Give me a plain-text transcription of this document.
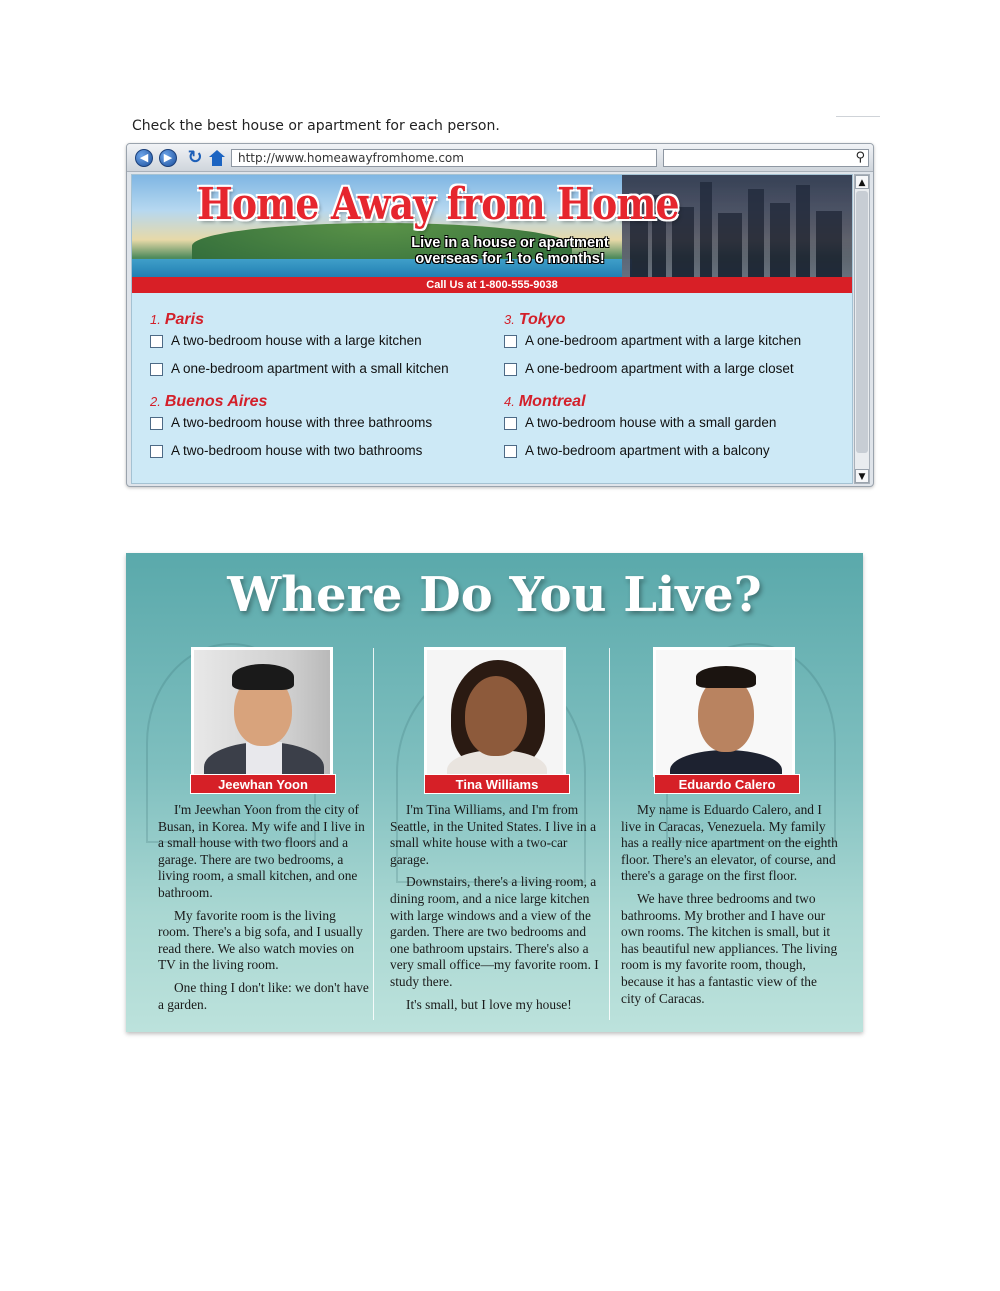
Check the best house or apartment for each person.
◀	▶ ↻	http://www.homeawayfromhome.com	⚲
Home Away from Home
Live in a house or apartment
overseas for 1 to 6 months!
Call Us at 1-800-555-9038
1. Paris
A two-bedroom house with a large kitchen
A one-bedroom apartment with a small kitchen
2. Buenos Aires
A two-bedroom house with three bathrooms
A two-bedroom house with two bathrooms
3. Tokyo
A one-bedroom apartment with a large kitchen
A one-bedroom apartment with a large closet
4. Montreal
A two-bedroom house with a small garden
A two-bedroom apartment with a balcony
▲
▼
Where Do You Live?
Jeewhan Yoon

I'm Jeewhan Yoon from the city of Busan, in Korea. My wife and I live in a small house with two floors and a garage. There are two bedrooms, a living room, a small kitchen, and one bathroom.

My favorite room is the living room. There's a big sofa, and I usually read there. We also watch movies on TV in the living room.

One thing I don't like: we don't have a garden.

Tina Williams

I'm Tina Williams, and I'm from Seattle, in the United States. I live in a small white house with a two-car garage.

Downstairs, there's a living room, a dining room, and a nice large kitchen with large windows and a view of the garden. There are two bedrooms and one bathroom upstairs. There's also a very small office—my favorite room. I study there.

It's small, but I love my house!

Eduardo Calero

My name is Eduardo Calero, and I live in Caracas, Venezuela. My family has a really nice apartment on the eighth floor. There's an elevator, of course, and there's a garage on the first floor.

We have three bedrooms and two bathrooms. My brother and I have our own rooms. The kitchen is small, but it has beautiful new appliances. The living room is my favorite room, though, because it has a fantastic view of the city of Caracas.
